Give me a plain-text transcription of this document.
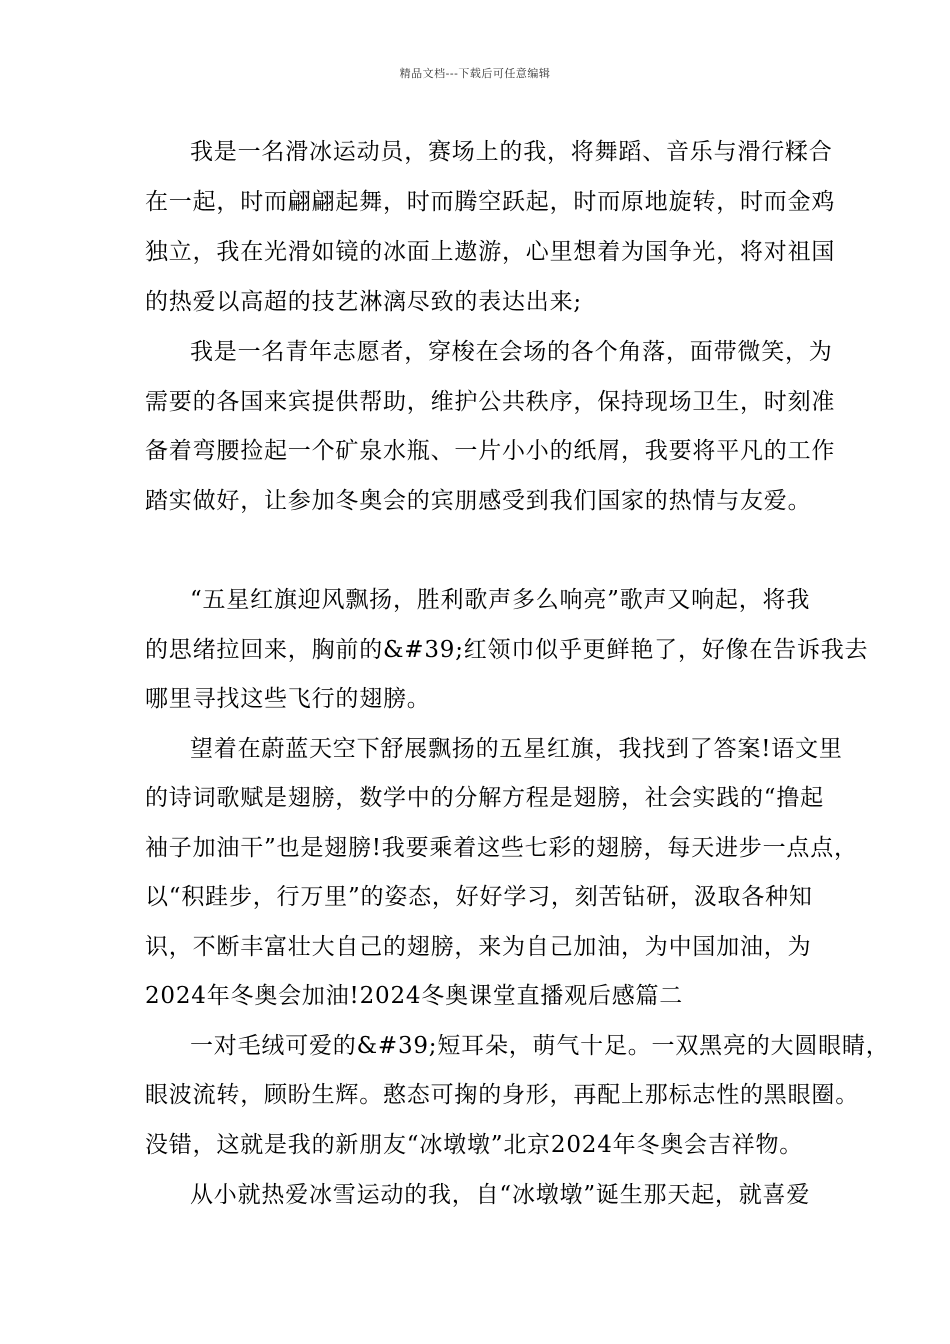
精品文档---下载后可任意编辑
我是一名滑冰运动员，赛场上的我，将舞蹈、音乐与滑行糅合
在一起，时而翩翩起舞，时而腾空跃起，时而原地旋转，时而金鸡
独立，我在光滑如镜的冰面上遨游，心里想着为国争光，将对祖国
的热爱以高超的技艺淋漓尽致的表达出来;
我是一名青年志愿者，穿梭在会场的各个角落，面带微笑，为
需要的各国来宾提供帮助，维护公共秩序，保持现场卫生，时刻准
备着弯腰捡起一个矿泉水瓶、一片小小的纸屑，我要将平凡的工作
踏实做好，让参加冬奥会的宾朋感受到我们国家的热情与友爱。
“五星红旗迎风飘扬，胜利歌声多么响亮”歌声又响起，将我
的思绪拉回来，胸前的&#39;红领巾似乎更鲜艳了，好像在告诉我去
哪里寻找这些飞行的翅膀。
望着在蔚蓝天空下舒展飘扬的五星红旗，我找到了答案!语文里
的诗词歌赋是翅膀，数学中的分解方程是翅膀，社会实践的“撸起
袖子加油干”也是翅膀!我要乘着这些七彩的翅膀，每天进步一点点，
以“积跬步，行万里”的姿态，好好学习，刻苦钻研，汲取各种知
识，不断丰富壮大自己的翅膀，来为自己加油，为中国加油，为
2024年冬奥会加油!2024冬奥课堂直播观后感篇二
一对毛绒可爱的&#39;短耳朵，萌气十足。一双黑亮的大圆眼睛，
眼波流转，顾盼生辉。憨态可掬的身形，再配上那标志性的黑眼圈。
没错，这就是我的新朋友“冰墩墩”北京2024年冬奥会吉祥物。
从小就热爱冰雪运动的我，自“冰墩墩”诞生那天起，就喜爱
